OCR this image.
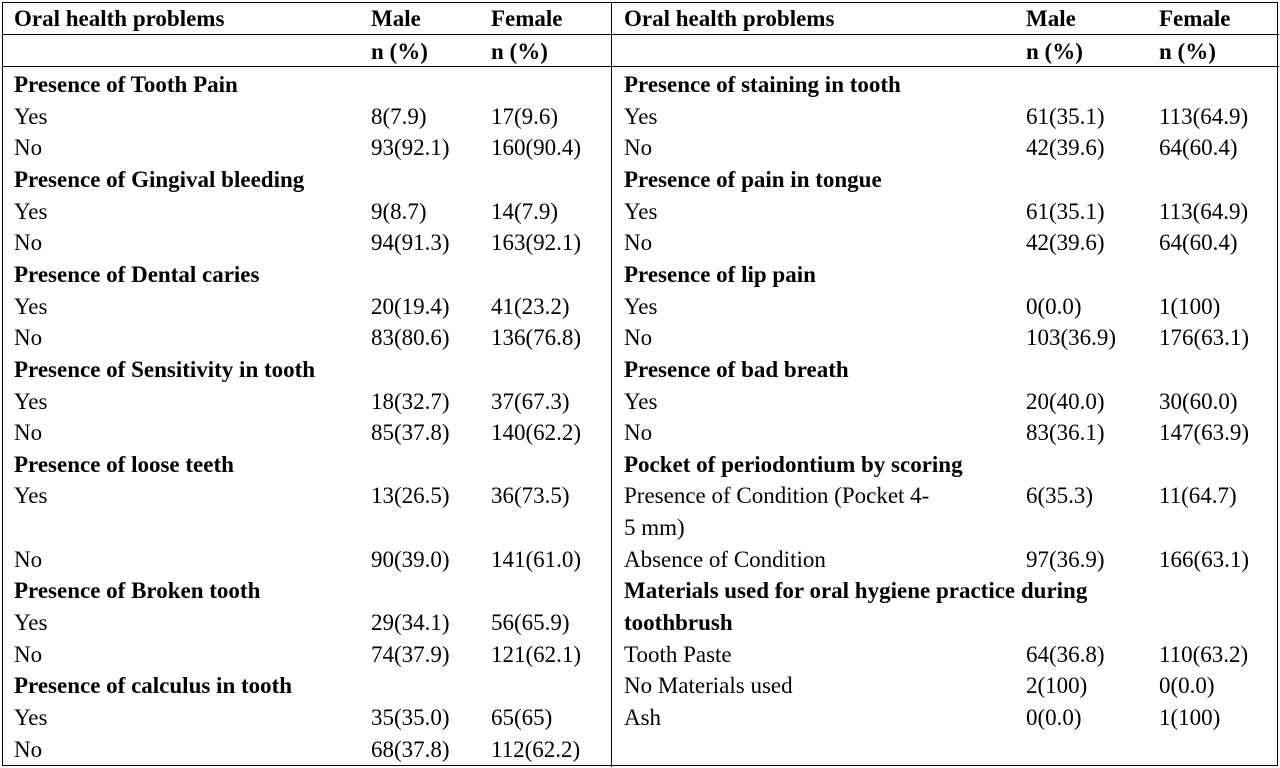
Oral health problems	Male	Female
n (%)	n (%)
Oral health problems	Male	Female
n (%)	n (%)
Presence of Tooth Pain
Yes	8(7.9)	17(9.6)
No	93(92.1) 160(90.4)
Presence of Gingival bleeding
Yes	9(8.7)	14(7.9)
No	94(91.3) 163(92.1)
Presence of Dental caries
Yes	20(19.4) 41(23.2)
No	83(80.6) 136(76.8)
Presence of Sensitivity in tooth
Yes	18(32.7) 37(67.3)
No	85(37.8) 140(62.2)
Presence of loose teeth
Yes	13(26.5) 36(73.5)
No	90(39.0) 141(61.0)
Presence of Broken tooth
Yes	29(34.1) 56(65.9)
No	74(37.9) 121(62.1)
Presence of calculus in tooth
Yes	35(35.0) 65(65)
No	68(37.8) 112(62.2)
Presence of staining in tooth
Yes	61(35.1) 113(64.9)
No	42(39.6) 64(60.4)
Presence of pain in tongue
Yes	61(35.1) 113(64.9)
No	42(39.6) 64(60.4)
Presence of lip pain
Yes	0(0.0)	1(100)
No	103(36.9) 176(63.1)
Presence of bad breath
Yes	20(40.0) 30(60.0)
No	83(36.1) 147(63.9)
Pocket of periodontium by scoring
Presence of Condition (Pocket 4-	6(35.3)	11(64.7)
5 mm)
Absence of Condition	97(36.9) 166(63.1)
Materials used for oral hygiene practice during
toothbrush
Tooth Paste	64(36.8) 110(63.2)
No Materials used	2(100)	0(0.0)
Ash	0(0.0)	1(100)
